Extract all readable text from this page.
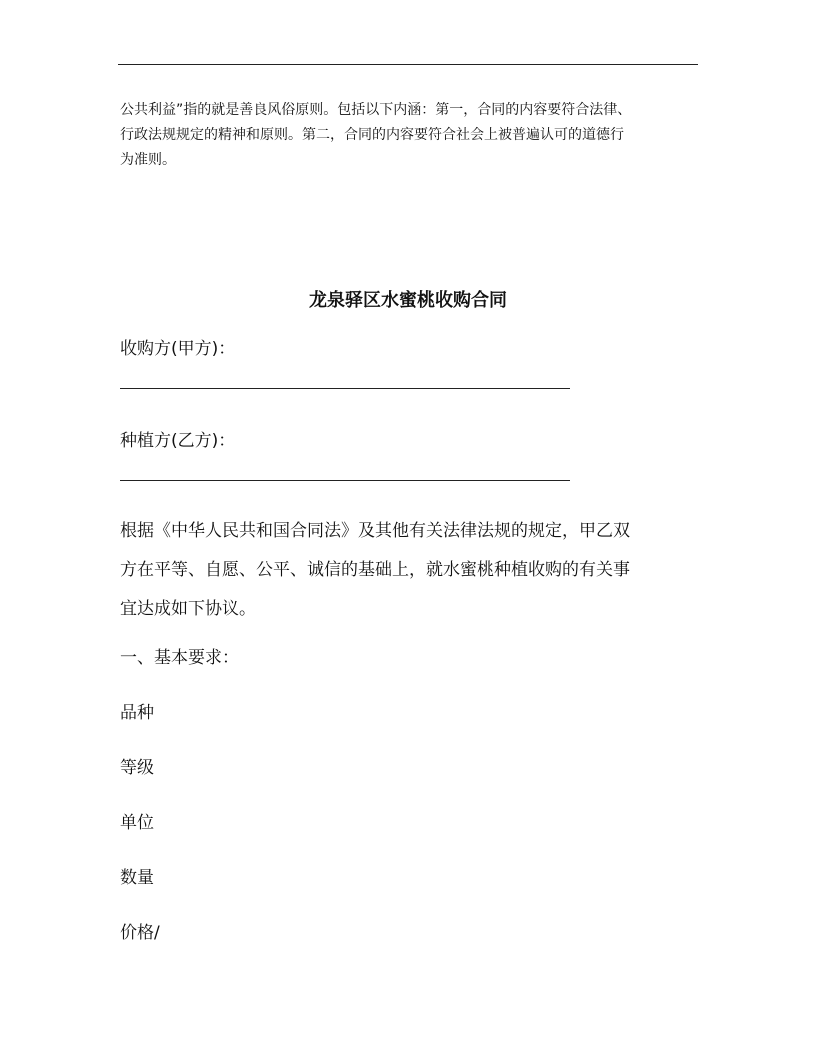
公共利益”指的就是善良风俗原则。包括以下内涵：第一，合同的内容要符合法律、
行政法规规定的精神和原则。第二，合同的内容要符合社会上被普遍认可的道德行
为准则。
龙泉驿区水蜜桃收购合同
收购方(甲方)：
种植方(乙方)：
根据《中华人民共和国合同法》及其他有关法律法规的规定，甲乙双
方在平等、自愿、公平、诚信的基础上，就水蜜桃种植收购的有关事
宜达成如下协议。
一、基本要求：
品种
等级
单位
数量
价格/
